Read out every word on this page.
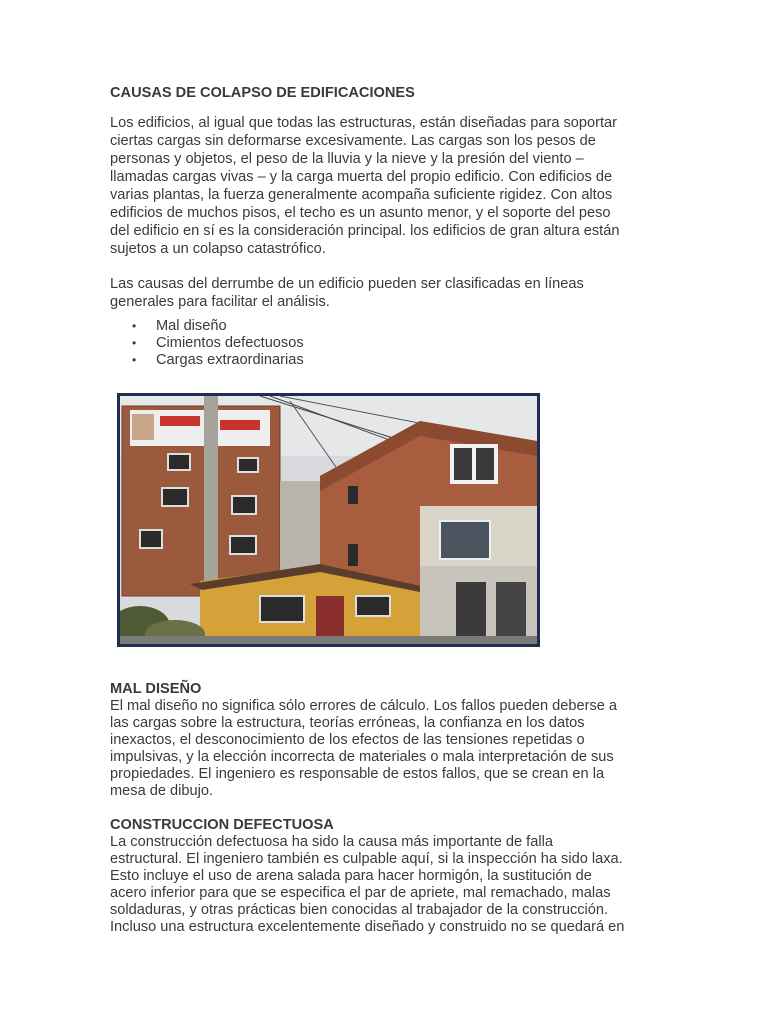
CAUSAS DE COLAPSO DE EDIFICACIONES

Los edificios, al igual que todas las estructuras, están diseñadas para soportar
ciertas cargas sin deformarse excesivamente. Las cargas son los pesos de
personas y objetos, el peso de la lluvia y la nieve y la presión del viento –
llamadas cargas vivas – y la carga muerta del propio edificio. Con edificios de
varias plantas, la fuerza generalmente acompaña suficiente rigidez. Con altos
edificios de muchos pisos, el techo es un asunto menor, y el soporte del peso
del edificio en sí es la consideración principal. los edificios de gran altura están
sujetos a un colapso catastrófico.

Las causas del derrumbe de un edificio pueden ser clasificadas en líneas
generales para facilitar el análisis.

• Mal diseño
• Cimientos defectuosos
• Cargas extraordinarias
MAL DISEÑO

El mal diseño no significa sólo errores de cálculo. Los fallos pueden deberse a
las cargas sobre la estructura, teorías erróneas, la confianza en los datos
inexactos, el desconocimiento de los efectos de las tensiones repetidas o
impulsivas, y la elección incorrecta de materiales o mala interpretación de sus
propiedades. El ingeniero es responsable de estos fallos, que se crean en la
mesa de dibujo.

CONSTRUCCION DEFECTUOSA

La construcción defectuosa ha sido la causa más importante de falla
estructural. El ingeniero también es culpable aquí, si la inspección ha sido laxa.
Esto incluye el uso de arena salada para hacer hormigón, la sustitución de
acero inferior para que se especifica el par de apriete, mal remachado, malas
soldaduras, y otras prácticas bien conocidas al trabajador de la construcción.
Incluso una estructura excelentemente diseñado y construido no se quedará en
